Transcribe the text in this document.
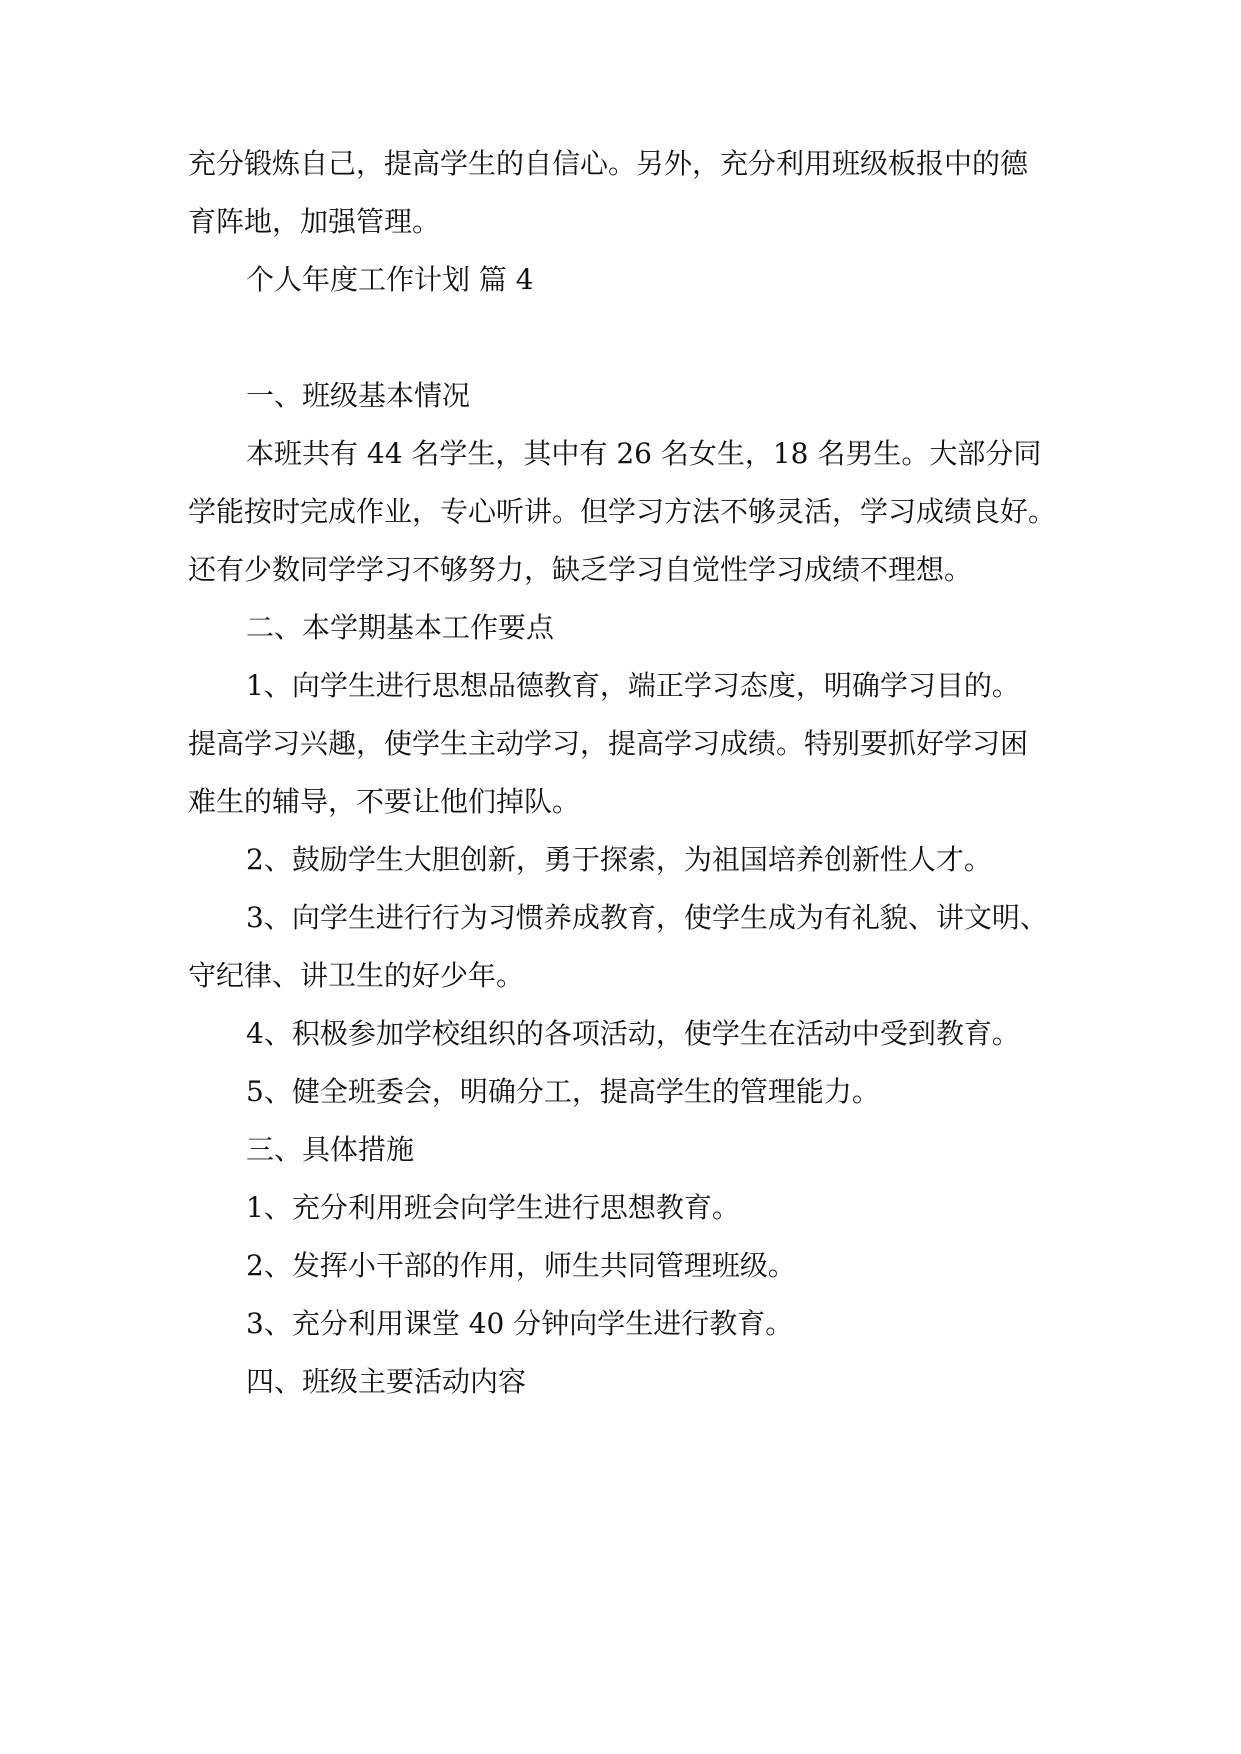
充分锻炼自己，提高学生的自信心。另外，充分利用班级板报中的德
育阵地，加强管理。
个人年度工作计划 篇 4
一、班级基本情况
本班共有 44 名学生，其中有 26 名女生，18 名男生。大部分同
学能按时完成作业，专心听讲。但学习方法不够灵活，学习成绩良好。
还有少数同学学习不够努力，缺乏学习自觉性学习成绩不理想。
二、本学期基本工作要点
1、向学生进行思想品德教育，端正学习态度，明确学习目的。
提高学习兴趣，使学生主动学习，提高学习成绩。特别要抓好学习困
难生的辅导，不要让他们掉队。
2、鼓励学生大胆创新，勇于探索，为祖国培养创新性人才。
3、向学生进行行为习惯养成教育，使学生成为有礼貌、讲文明、
守纪律、讲卫生的好少年。
4、积极参加学校组织的各项活动，使学生在活动中受到教育。
5、健全班委会，明确分工，提高学生的管理能力。
三、具体措施
1、充分利用班会向学生进行思想教育。
2、发挥小干部的作用，师生共同管理班级。
3、充分利用课堂 40 分钟向学生进行教育。
四、班级主要活动内容
